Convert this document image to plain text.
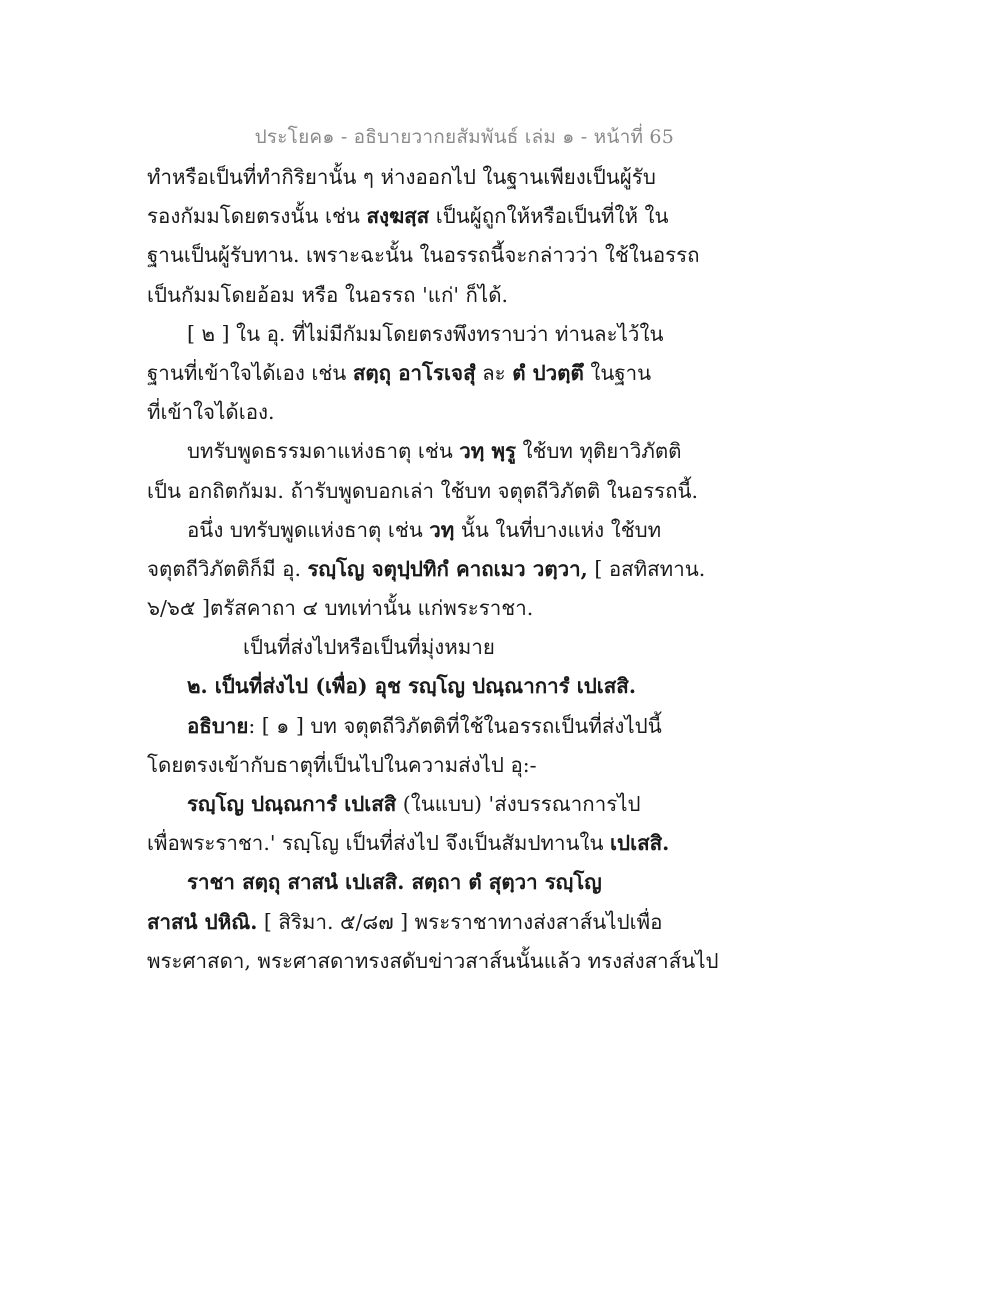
ประโยค๑ - อธิบายวากยสัมพันธ์ เล่ม ๑ - หน้าที่ 65
ทำหรือเป็นที่ทำกิริยานั้น ๆ ห่างออกไป ในฐานเพียงเป็นผู้รับ
รองกัมมโดยตรงนั้น เช่น สงฺฆสฺส เป็นผู้ถูกให้หรือเป็นที่ให้ ใน
ฐานเป็นผู้รับทาน. เพราะฉะนั้น ในอรรถนี้จะกล่าวว่า ใช้ในอรรถ
เป็นกัมมโดยอ้อม หรือ ในอรรถ 'แก่' ก็ได้.
[ ๒ ] ใน อุ. ที่ไม่มีกัมมโดยตรงพึงทราบว่า ท่านละไว้ใน
ฐานที่เข้าใจได้เอง เช่น สตฺถุ อาโรเจสุํ ละ ตํ ปวตฺตึ ในฐาน
ที่เข้าใจได้เอง.
บทรับพูดธรรมดาแห่งธาตุ เช่น วทฺ พฺรู ใช้บท ทุติยาวิภัตติ
เป็น อกถิตกัมม. ถ้ารับพูดบอกเล่า ใช้บท จตุตถีวิภัตติ ในอรรถนี้.
อนึ่ง บทรับพูดแห่งธาตุ เช่น วทฺ นั้น ในที่บางแห่ง ใช้บท
จตุตถีวิภัตติก็มี อุ. รญฺโญ จตุปฺปทิกํ คาถเมว วตฺวา, [ อสทิสทาน.
๖/๖๕ ]ตรัสคาถา ๔ บทเท่านั้น แก่พระราชา.
เป็นที่ส่งไปหรือเป็นที่มุ่งหมาย
๒. เป็นที่ส่งไป (เพื่อ) อุช รญฺโญ ปณฺณาการํ เปเสสิ.
อธิบาย: [ ๑ ] บท จตุตถีวิภัตติที่ใช้ในอรรถเป็นที่ส่งไปนี้
โดยตรงเข้ากับธาตุที่เป็นไปในความส่งไป อุ:-
รญฺโญ ปณฺณการํ เปเสสิ (ในแบบ) 'ส่งบรรณาการไป
เพื่อพระราชา.' รญฺโญ เป็นที่ส่งไป จึงเป็นสัมปทานใน เปเสสิ.
ราชา สตฺถุ สาสนํ เปเสสิ. สตฺถา ตํ สุตฺวา รญฺโญ
สาสนํ ปหิณิ. [ สิริมา. ๕/๘๗ ] พระราชาทางส่งสาส์นไปเพื่อ
พระศาสดา, พระศาสดาทรงสดับข่าวสาส์นนั้นแล้ว ทรงส่งสาส์นไป
